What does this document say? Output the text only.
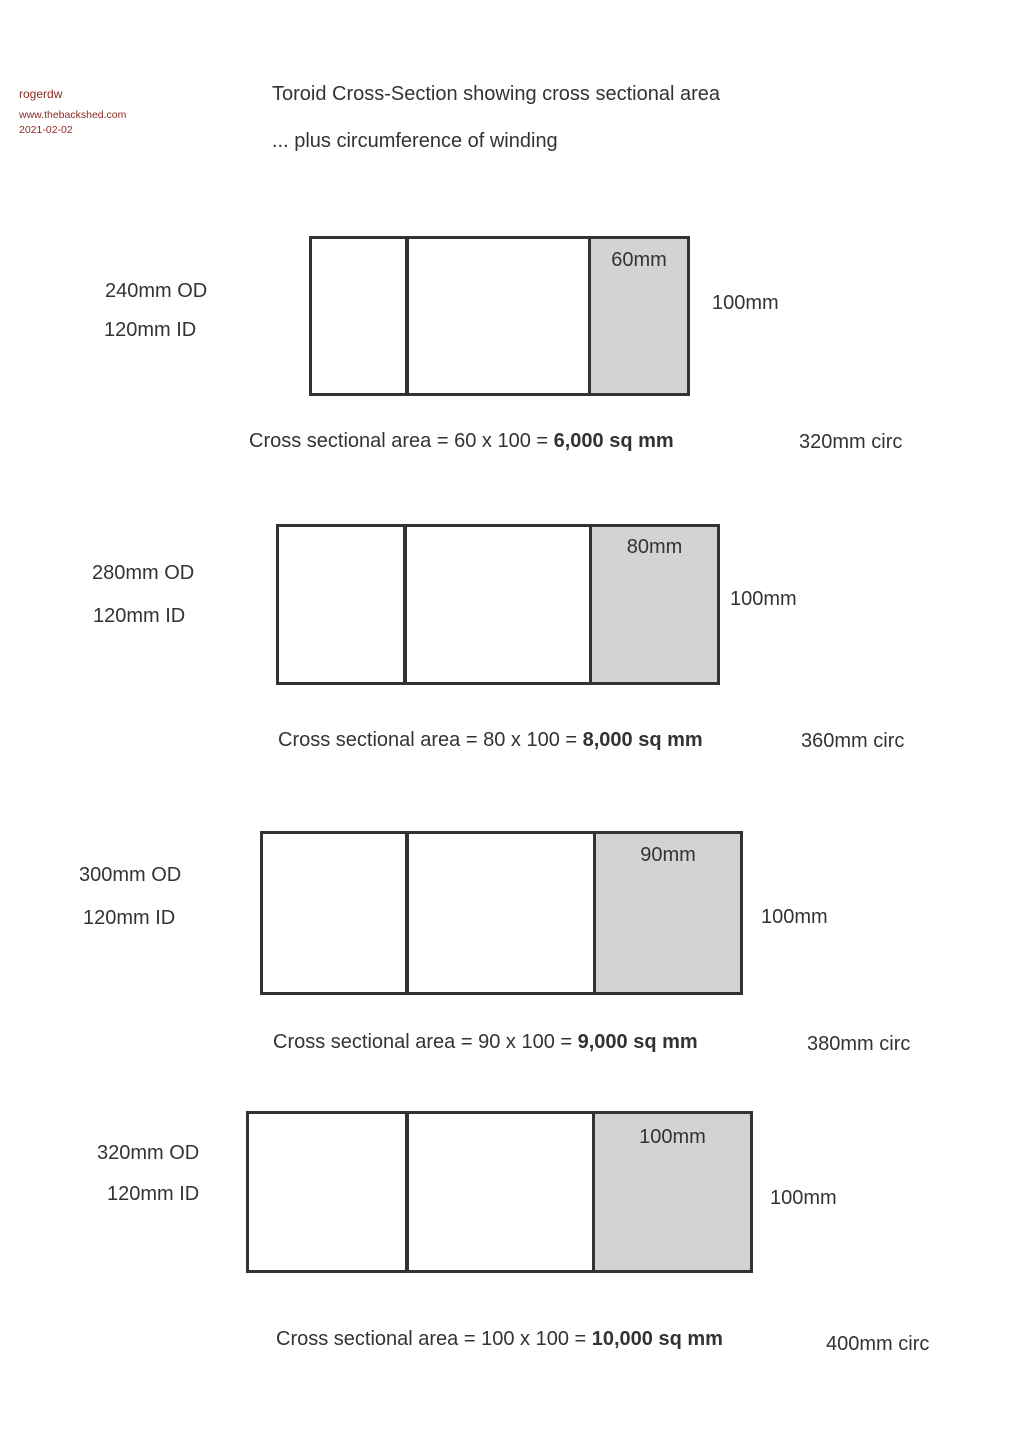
rogerdw
www.thebackshed.com
2021-02-02
Toroid Cross-Section showing cross sectional area
... plus circumference of winding
240mm OD
120mm ID
60mm
100mm
Cross sectional area = 60 x 100 = 6,000 sq mm	320mm circ
280mm OD
120mm ID
80mm
100mm
Cross sectional area = 80 x 100 = 8,000 sq mm	360mm circ
300mm OD
120mm ID
90mm
100mm
Cross sectional area = 90 x 100 = 9,000 sq mm	380mm circ
320mm OD
120mm ID
100mm
100mm
Cross sectional area = 100 x 100 = 10,000 sq mm	400mm circ
